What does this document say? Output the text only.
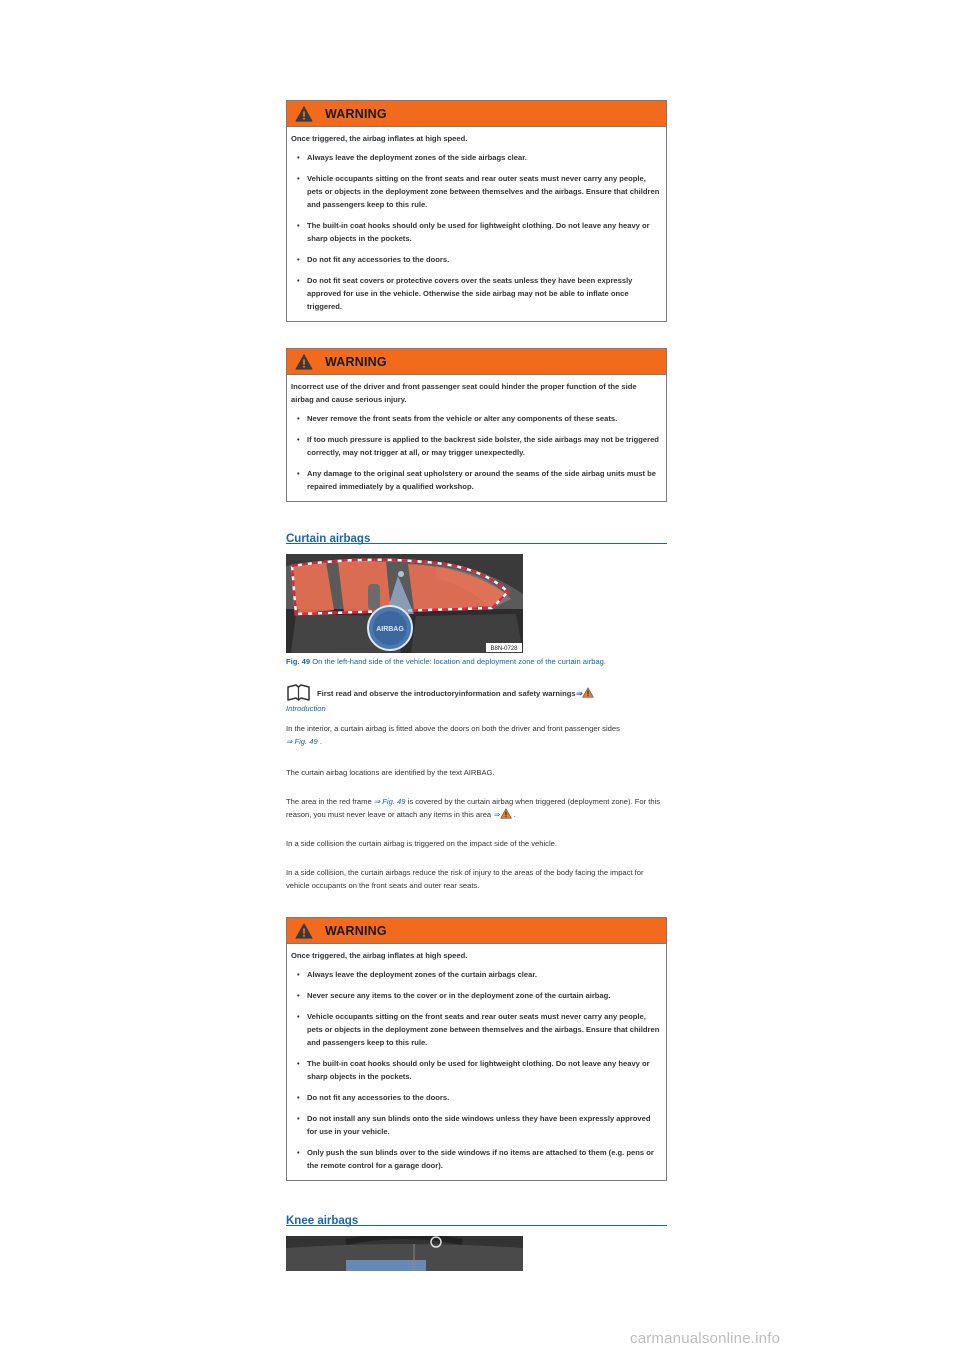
WARNING
Once triggered, the airbag inflates at high speed.
• Always leave the deployment zones of the side airbags clear.
• Vehicle occupants sitting on the front seats and rear outer seats must never carry any people, pets or objects in the deployment zone between themselves and the airbags. Ensure that children and passengers keep to this rule.
• The built-in coat hooks should only be used for lightweight clothing. Do not leave any heavy or sharp objects in the pockets.
• Do not fit any accessories to the doors.
• Do not fit seat covers or protective covers over the seats unless they have been expressly approved for use in the vehicle. Otherwise the side airbag may not be able to inflate once triggered.
WARNING
Incorrect use of the driver and front passenger seat could hinder the proper function of the side airbag and cause serious injury.
• Never remove the front seats from the vehicle or alter any components of these seats.
• If too much pressure is applied to the backrest side bolster, the side airbags may not be triggered correctly, may not trigger at all, or may trigger unexpectedly.
• Any damage to the original seat upholstery or around the seams of the side airbag units must be repaired immediately by a qualified workshop.
Curtain airbags
AIRBAG
B8N-0728
Fig. 49 On the left-hand side of the vehicle: location and deployment zone of the curtain airbag.
First read and observe the introductoryinformation and safety warnings⇒
Introduction
In the interior, a curtain airbag is fitted above the doors on both the driver and front passenger sides
⇒ Fig. 49 .
The curtain airbag locations are identified by the text AIRBAG.
The area in the red frame ⇒ Fig. 49 is covered by the curtain airbag when triggered (deployment zone). For this reason, you must never leave or attach any items in this area ⇒ .
In a side collision the curtain airbag is triggered on the impact side of the vehicle.
In a side collision, the curtain airbags reduce the risk of injury to the areas of the body facing the impact for vehicle occupants on the front seats and outer rear seats.
WARNING
Once triggered, the airbag inflates at high speed.
• Always leave the deployment zones of the curtain airbags clear.
• Never secure any items to the cover or in the deployment zone of the curtain airbag.
• Vehicle occupants sitting on the front seats and rear outer seats must never carry any people, pets or objects in the deployment zone between themselves and the airbags. Ensure that children and passengers keep to this rule.
• The built-in coat hooks should only be used for lightweight clothing. Do not leave any heavy or sharp objects in the pockets.
• Do not fit any accessories to the doors.
• Do not install any sun blinds onto the side windows unless they have been expressly approved for use in your vehicle.
• Only push the sun blinds over to the side windows if no items are attached to them (e.g. pens or the remote control for a garage door).
Knee airbags
carmanualsonline.info
